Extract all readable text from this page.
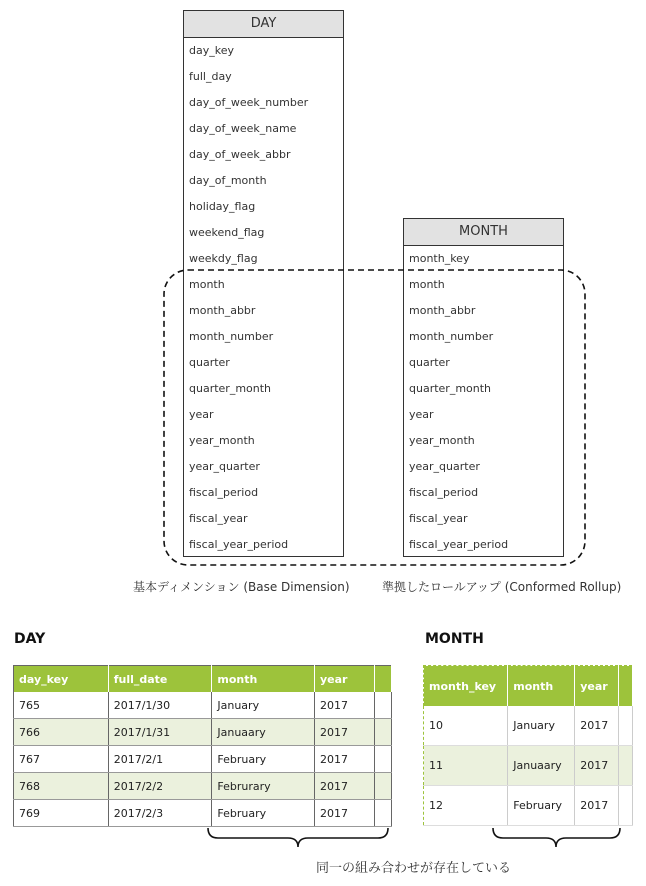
DAY
day_key
full_day
day_of_week_number
day_of_week_name
day_of_week_abbr
day_of_month
holiday_flag
weekend_flag
weekdy_flag
month
month_abbr
month_number
quarter
quarter_month
year
year_month
year_quarter
fiscal_period
fiscal_year
fiscal_year_period
MONTH
month_key
month
month_abbr
month_number
quarter
quarter_month
year
year_month
year_quarter
fiscal_period
fiscal_year
fiscal_year_period
基本ディメンション (Base Dimension)	準拠したロールアップ (Conformed Rollup)
DAY	MONTH
day_key	full_date	month	year	
765	2017/1/30	January	2017	
766	2017/1/31	Januaary	2017	
767	2017/2/1	February	2017	
768	2017/2/2	Februrary	2017	
769	2017/2/3	February	2017	
month_key	month	year	
10	January	2017	
11	Januaary	2017	
12	February	2017	
同一の組み合わせが存在している
